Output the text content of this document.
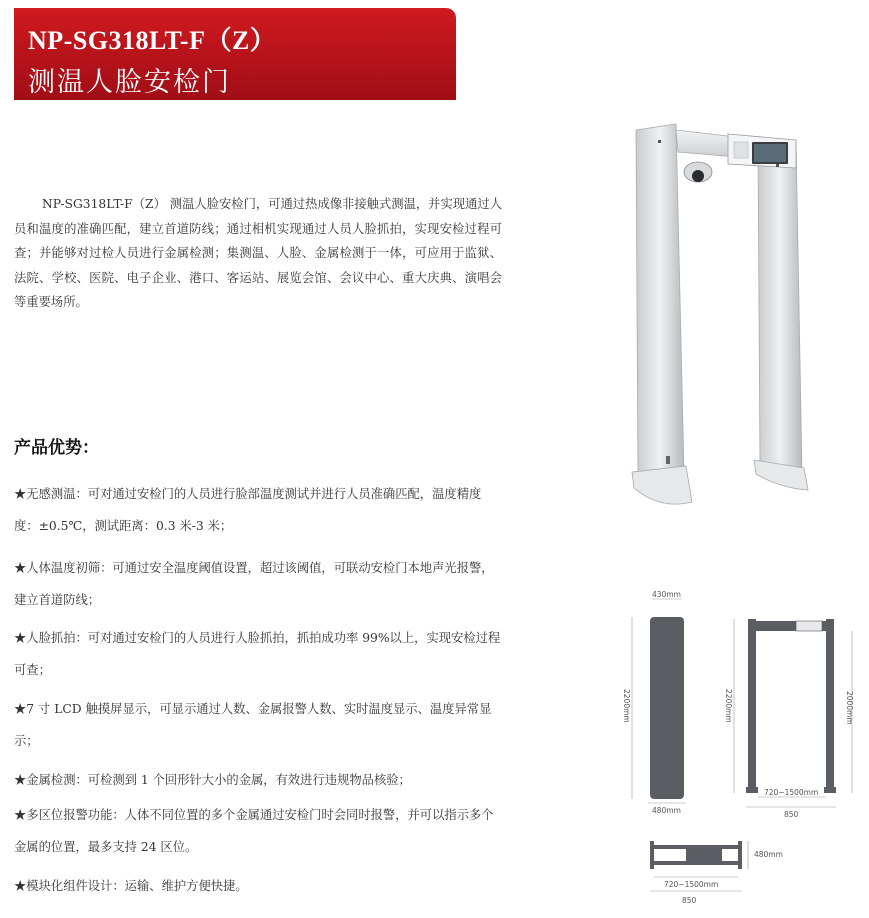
NP-SG318LT-F（Z）
测温人脸安检门

NP-SG318LT-F（Z） 测温人脸安检门，可通过热成像非接触式测温，并实现通过人员和温度的准确匹配，建立首道防线；通过相机实现通过人员人脸抓拍，实现安检过程可查；并能够对过检人员进行金属检测；集测温、人脸、金属检测于一体，可应用于监狱、法院、学校、医院、电子企业、港口、客运站、展览会馆、会议中心、重大庆典、演唱会等重要场所。

产品优势：

★无感测温：可对通过安检门的人员进行脸部温度测试并进行人员准确匹配，温度精度度：±0.5℃，测试距离：0.3 米-3 米；

★人体温度初筛：可通过安全温度阈值设置，超过该阈值，可联动安检门本地声光报警，建立首道防线；

★人脸抓拍：可对通过安检门的人员进行人脸抓拍，抓拍成功率 99%以上，实现安检过程可查；

★7 寸 LCD 触摸屏显示，可显示通过人数、金属报警人数、实时温度显示、温度异常显示；

★金属检测：可检测到 1 个回形针大小的金属，有效进行违规物品核验；

★多区位报警功能：人体不同位置的多个金属通过安检门时会同时报警，并可以指示多个金属的位置，最多支持 24 区位。

★模块化组件设计：运输、维护方便快捷。

430mm
2200mm
480mm
2200mm	2000mm
720~1500mm
850
480mm
720~1500mm
850
